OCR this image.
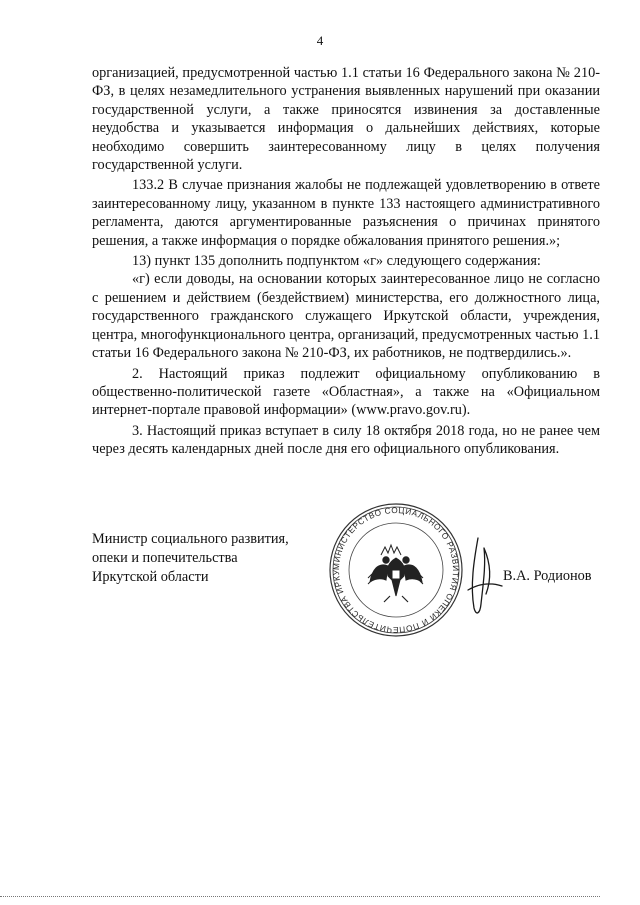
4

организацией, предусмотренной частью 1.1 статьи 16 Федерального закона № 210-ФЗ, в целях незамедлительного устранения выявленных нарушений при оказании государственной услуги, а также приносятся извинения за доставленные неудобства и указывается информация о дальнейших действиях, которые необходимо совершить заинтересованному лицу в целях получения государственной услуги.

133.2 В случае признания жалобы не подлежащей удовлетворению в ответе заинтересованному лицу, указанном в пункте 133 настоящего административного регламента, даются аргументированные разъяснения о причинах принятого решения, а также информация о порядке обжалования принятого решения.»;

13) пункт 135 дополнить подпунктом «г» следующего содержания:

«г) если доводы, на основании которых заинтересованное лицо не согласно с решением и действием (бездействием) министерства, его должностного лица, государственного гражданского служащего Иркутской области, учреждения, центра, многофункционального центра, организаций, предусмотренных частью 1.1 статьи 16 Федерального закона № 210-ФЗ, их работников, не подтвердились.».

2. Настоящий приказ подлежит официальному опубликованию в общественно-политической газете «Областная», а также на «Официальном интернет-портале правовой информации» (www.pravo.gov.ru).

3. Настоящий приказ вступает в силу 18 октября 2018 года, но не ранее чем через десять календарных дней после дня его официального опубликования.

Министр социального развития,
опеки и попечительства
Иркутской области
МИНИСТЕРСТВО СОЦИАЛЬНОГО РАЗВИТИЯ ОПЕКИ И ПОПЕЧИТЕЛЬСТВА ИРКУ	В.А. Родионов
